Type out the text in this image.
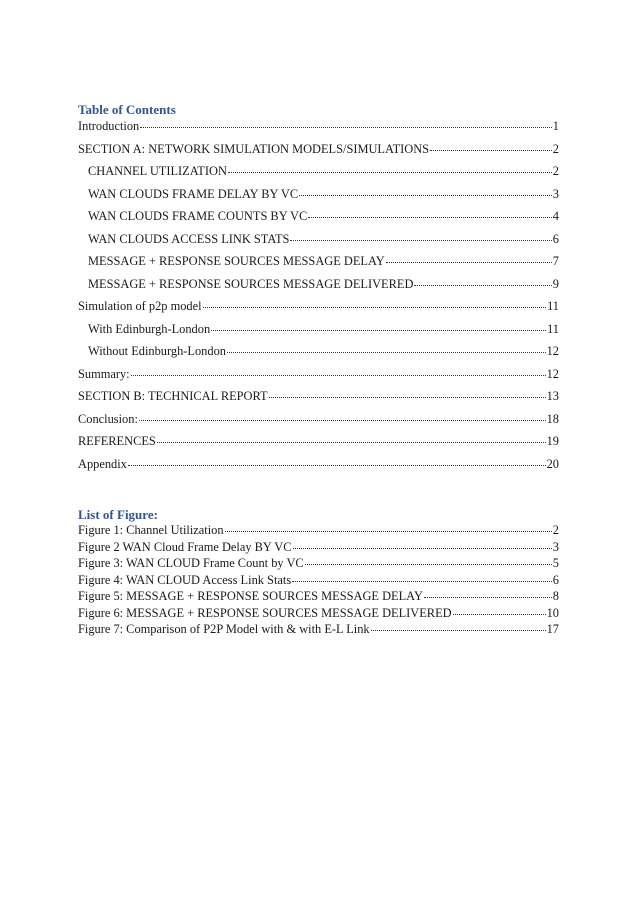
Table of Contents
Introduction	1
SECTION A: NETWORK SIMULATION MODELS/SIMULATIONS	2
CHANNEL UTILIZATION	2
WAN CLOUDS FRAME DELAY BY VC	3
WAN CLOUDS FRAME COUNTS BY VC	4
WAN CLOUDS ACCESS LINK STATS	6
MESSAGE + RESPONSE SOURCES MESSAGE DELAY	7
MESSAGE + RESPONSE SOURCES MESSAGE DELIVERED	9
Simulation of p2p model	11
With Edinburgh-London	11
Without Edinburgh-London	12
Summary:	12
SECTION B: TECHNICAL REPORT	13
Conclusion:	18
REFERENCES	19
Appendix	20
List of Figure:
Figure 1: Channel Utilization	2
Figure 2 WAN Cloud Frame Delay BY VC	3
Figure 3: WAN CLOUD Frame Count by VC	5
Figure 4: WAN CLOUD Access Link Stats	6
Figure 5: MESSAGE + RESPONSE SOURCES MESSAGE DELAY	8
Figure 6: MESSAGE + RESPONSE SOURCES MESSAGE DELIVERED	10
Figure 7: Comparison of P2P Model with & with E-L Link	17
